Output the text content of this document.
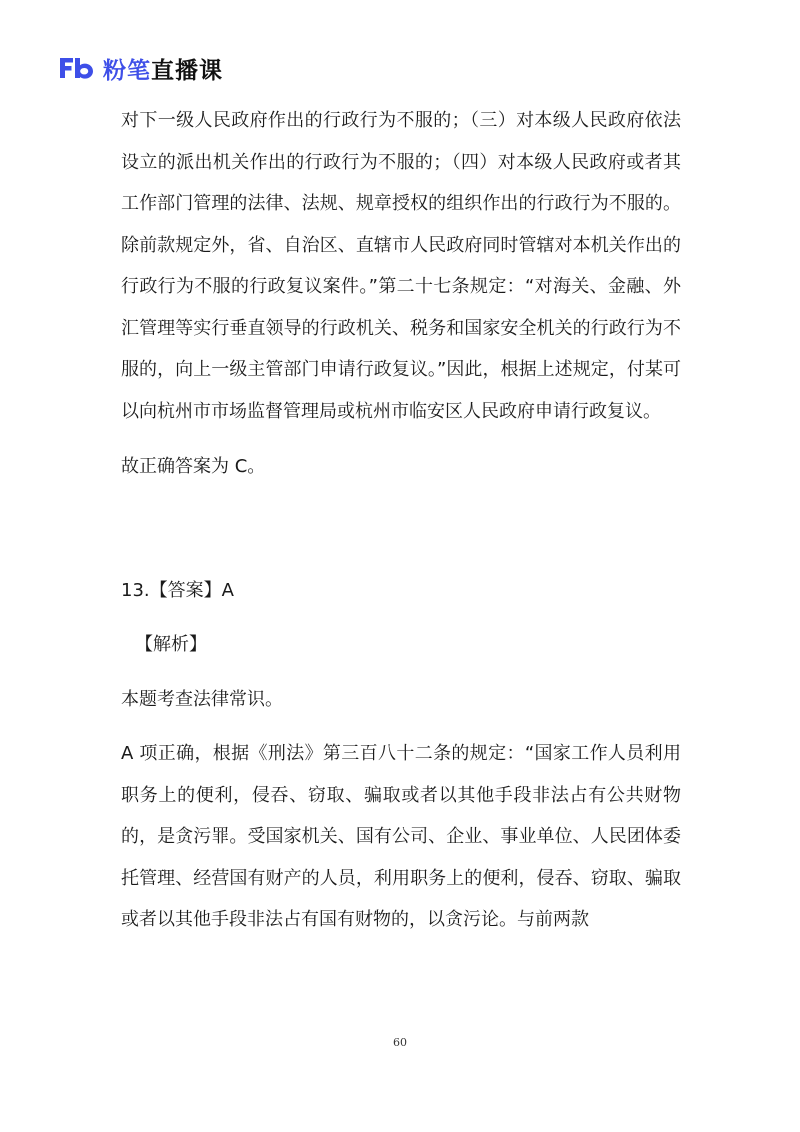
粉笔直播课

对下一级人民政府作出的行政行为不服的；（三）对本级人民政府依法设立的派出机关作出的行政行为不服的；（四）对本级人民政府或者其工作部门管理的法律、法规、规章授权的组织作出的行政行为不服的。除前款规定外，省、自治区、直辖市人民政府同时管辖对本机关作出的行政行为不服的行政复议案件。”第二十七条规定：“对海关、金融、外汇管理等实行垂直领导的行政机关、税务和国家安全机关的行政行为不服的，向上一级主管部门申请行政复议。”因此，根据上述规定，付某可以向杭州市市场监督管理局或杭州市临安区人民政府申请行政复议。

故正确答案为 C。

13.【答案】A

【解析】

本题考查法律常识。

A 项正确，根据《刑法》第三百八十二条的规定：“国家工作人员利用职务上的便利，侵吞、窃取、骗取或者以其他手段非法占有公共财物的，是贪污罪。受国家机关、国有公司、企业、事业单位、人民团体委托管理、经营国有财产的人员，利用职务上的便利，侵吞、窃取、骗取或者以其他手段非法占有国有财物的，以贪污论。与前两款

60
